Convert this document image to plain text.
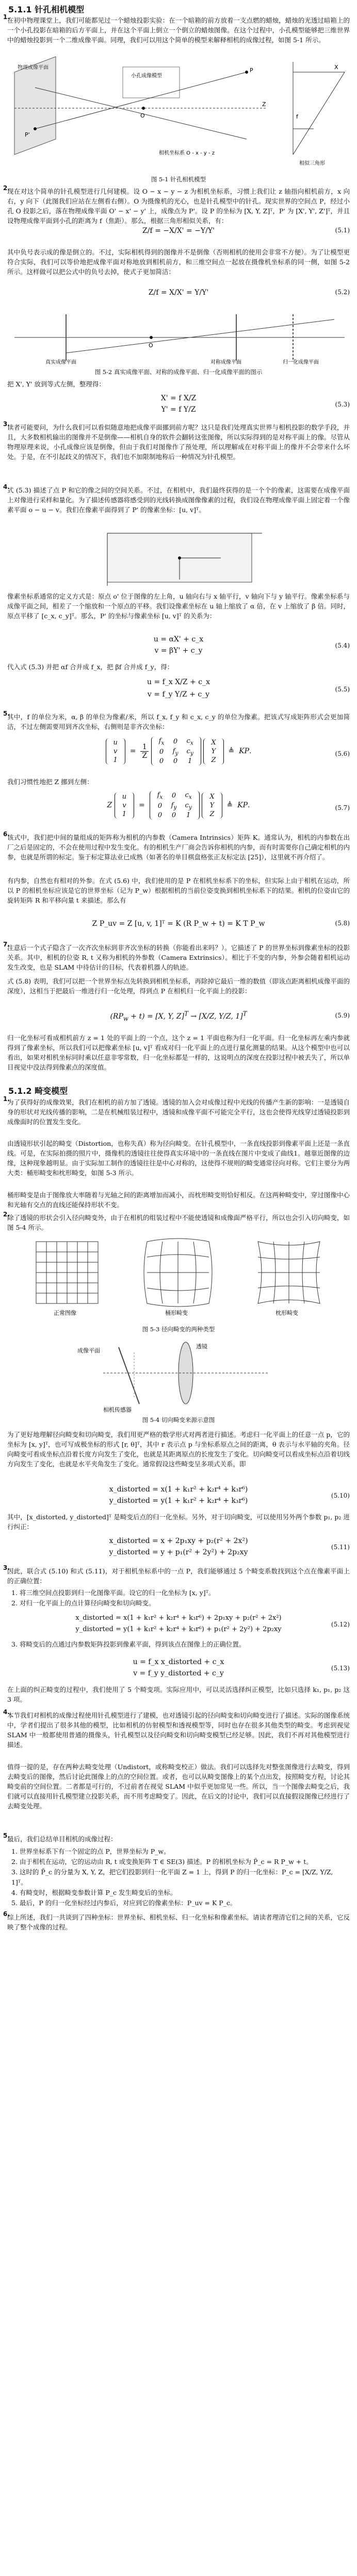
5.1.1 针孔相机模型

1.
在初中物理课堂上，我们可能都见过一个蜡烛投影实验：在一个暗箱的前方放着一支点燃的蜡烛，蜡烛的光透过暗箱上的一个小孔投影在暗箱的后方平面上，并在这个平面上倒立一个倒立的蜡烛图像。在这个过程中，小孔模型能够把三维世界中的蜡烛投影到一个二维成像平面。同理，我们可以用这个简单的模型来解释相机的成像过程，如图 5-1 所示。
物理成像平面
小孔成像模型
O
P
P'
Z
相机坐标系 O - x - y - z
X
f
相似三角形
图 5-1 针孔相机模型
2.
现在对这个简单的针孔模型进行几何建模。设 O − x − y − z 为相机坐标系，习惯上我们让 z 轴指向相机前方，x 向右，y 向下（此图我们应站在左侧看右侧）。O 为摄像机的光心，也是针孔模型中的针孔。现实世界的空间点 P，经过小孔 O 投影之后，落在物理成像平面 O' − x' − y' 上，成像点为 P'。设 P 的坐标为 [X, Y, Z]ᵀ，P' 为 [X', Y', Z']ᵀ，并且设物理成像平面到小孔的距离为 f（焦距）。那么，根据三角形相似关系，有：
Z/f = −X/X' = −Y/Y'	(5.1)
其中负号表示成的像是倒立的。不过，实际相机得到的图像并不是倒像（否则相机的使用会非常不方便）。为了让模型更符合实际，我们可以等价地把成像平面对称地放到相机前方，和三维空间点一起放在摄像机坐标系的同一侧，如图 5-2 所示。这样做可以把公式中的负号去掉，使式子更加简洁：
Z/f = X/X' = Y/Y'	(5.2)
O
真实成像平面	对称成像平面	归一化成像平面
图 5-2 真实成像平面、对称的成像平面、归一化成像平面的图示
把 X', Y' 放到等式左侧，整理得：
X' = f X/Z
Y' = f Y/Z
(5.3)
3.
读者可能要问，为什么我们可以看似随意地把成像平面挪到前方呢？这只是我们处理真实世界与相机投影的数学手段，并且，大多数相机输出的图像并不是倒像——相机自身的软件会翻转这张图像，所以实际得到的是对称平面上的像。尽管从物理原理来说，小孔成像应该是倒像，但由于我们对图像作了预处理，所以理解成在对称平面上的像并不会带来什么坏处。于是，在不引起歧义的情况下，我们也不加限制地称后一种情况为针孔模型。
4.
式 (5.3) 描述了点 P 和它的像之间的空间关系。不过，在相机中，我们最终获得的是一个个的像素，这需要在成像平面上对像进行采样和量化。为了描述传感器将感受到的光线转换成图像像素的过程，我们设在物理成像平面上固定着一个像素平面 o − u − v。我们在像素平面得到了 P' 的像素坐标：[u, v]ᵀ。
像素坐标系通常的定义方式是：原点 o' 位于图像的左上角，u 轴向右与 x 轴平行，v 轴向下与 y 轴平行。像素坐标系与成像平面之间，相差了一个缩放和一个原点的平移。我们设像素坐标在 u 轴上缩放了 α 倍，在 v 上缩放了 β 倍。同时，原点平移了 [c_x, c_y]ᵀ。那么，P' 的坐标与像素坐标 [u, v]ᵀ 的关系为：
u = αX' + c_x
v = βY' + c_y
(5.4)
代入式 (5.3) 并把 αf 合并成 f_x，把 βf 合并成 f_y，得：
u = f_x X/Z + c_x
v = f_y Y/Z + c_y
(5.5)
5.
其中，f 的单位为米，α, β 的单位为像素/米，所以 f_x, f_y 和 c_x, c_y 的单位为像素。把该式写成矩阵形式会更加简洁，不过左侧需要用到齐次坐标，右侧则是非齐次坐标：
u
v
1
= $\frac{1}{Z}$

$f_x$	0	$c_x$
0	$f_y$	$c_y$
0	0	1

X
Y
Z
≜  KP.	(5.6)
我们习惯性地把 Z 挪到左侧：
Z
u
v
1
=
$f_x$	0	$c_x$
0	$f_y$	$c_y$
0	0	1

X
Y
Z
≜  KP.	(5.7)
6.
该式中，我们把中间的量组成的矩阵称为相机的内参数（Camera Intrinsics）矩阵 K。通常认为，相机的内参数在出厂之后是固定的，不会在使用过程中发生变化。有的相机生产厂商会告诉你相机的内参，而有时需要你自己确定相机的内参，也就是所谓的标定。鉴于标定算法业已成熟（如著名的单目棋盘格张正友标定法 [25]），这里就不再介绍了。
有内参，自然也有相对的外参。在式 (5.6) 中，我们使用的是 P 在相机坐标系下的坐标，但实际上由于相机在运动，所以 P 的相机坐标应该是它的世界坐标（记为 P_w）根据相机的当前位姿变换到相机坐标系下的结果。相机的位姿由它的旋转矩阵 R 和平移向量 t 来描述。那么有
Z P_uv = Z [u, v, 1]ᵀ = K (R P_w + t) = K T P_w	(5.8)
7.
注意后一个式子隐含了一次齐次坐标到非齐次坐标的转换（你能看出来吗？）。它描述了 P 的世界坐标到像素坐标的投影关系。其中，相机的位姿 R, t 又称为相机的外参数（Camera Extrinsics）。相比于不变的内参，外参会随着相机运动发生改变，也是 SLAM 中待估计的目标，代表着机器人的轨迹。
式 (5.8) 表明，我们可以把一个世界坐标点先转换到相机坐标系，再除掉它最后一维的数值（即该点距离相机成像平面的深度），这相当于把最后一维进行归一化处理，得到点 P 在相机归一化平面上的投影：
$(RP_w + t) = [X$, Y, Z]$^T$ → [X/Z, Y/Z, 1]$^T$	(5.9)
归一化坐标可看成相机前方 z = 1 处的平面上的一个点，这个 z = 1 平面也称为归一化平面。归一化坐标再左乘内参就得到了像素坐标，所以我们可以把像素坐标 [u, v]ᵀ 看成对归一化平面上的点进行量化测量的结果。从这个模型中也可以看出，如果对相机坐标同时乘以任意非零常数，归一化坐标都是一样的，这说明点的深度在投影过程中被丢失了，所以单目视觉中没法得到像素点的深度值。

5.1.2 畸变模型

1.
为了获得好的成像效果，我们在相机的前方加了透镜。透镜的加入会对成像过程中光线的传播产生新的影响：一是透镜自身的形状对光线传播的影响，二是在机械组装过程中，透镜和成像平面不可能完全平行，这也会使得光线穿过透镜投影到成像面时的位置发生变化。
由透镜形状引起的畸变（Distortion，也称失真）称为径向畸变。在针孔模型中，一条直线投影到像素平面上还是一条直线。可是，在实际拍摄的照片中，摄像机的透镜往往使得真实环境中的一条直线在图片中变成了曲线1。越靠近图像的边缘，这种现象越明显。由于实际加工制作的透镜往往是中心对称的，这使得不规则的畸变通常径向对称。它们主要分为两大类：桶形畸变和枕形畸变，如图 5-3 所示。
桶形畸变是由于图像放大率随着与光轴之间的距离增加而减小，而枕形畸变则恰好相反。在这两种畸变中，穿过图像中心和光轴有交点的直线还能保持形状不变。
2.
除了透镜的形状会引入径向畸变外，由于在相机的组装过程中不能使透镜和成像面严格平行，所以也会引入切向畸变，如图 5-4 所示。
正常图像	桶形畸变	枕形畸变
图 5-3 径向畸变的两种类型
透镜
成像平面
相机传感器
图 5-4 切向畸变来源示意图
为了更好地理解径向畸变和切向畸变，我们用更严格的数学形式对两者进行描述。考虑归一化平面上的任意一点 p，它的坐标为 [x, y]ᵀ，也可写成极坐标的形式 [r, θ]ᵀ，其中 r 表示点 p 与坐标系原点之间的距离，θ 表示与水平轴的夹角。径向畸变可看成坐标点沿着长度方向发生了变化，也就是其距离原点的长度发生了变化。切向畸变可以看成坐标点沿着切线方向发生了变化，也就是水平夹角发生了变化。通常假设这些畸变呈多项式关系，即
x_distorted = x(1 + k₁r² + k₂r⁴ + k₃r⁶)
y_distorted = y(1 + k₁r² + k₂r⁴ + k₃r⁶)
(5.10)
其中，[x_distorted, y_distorted]ᵀ 是畸变后点的归一化坐标。另外，对于切向畸变，可以使用另外两个参数 p₁, p₂ 进行纠正：
x_distorted = x + 2p₁xy + p₂(r² + 2x²)
y_distorted = y + p₁(r² + 2y²) + 2p₂xy
(5.11)
3.
因此，联合式 (5.10) 和式 (5.11)，对于相机坐标系中的一点 P，我们能够通过 5 个畸变系数找到这个点在像素平面上的正确位置：
1. 将三维空间点投影到归一化图像平面。设它的归一化坐标为 [x, y]ᵀ。
2. 对归一化平面上的点计算径向畸变和切向畸变。
x_distorted = x(1 + k₁r² + k₂r⁴ + k₃r⁶) + 2p₁xy + p₂(r² + 2x²)
y_distorted = y(1 + k₁r² + k₂r⁴ + k₃r⁶) + p₁(r² + 2y²) + 2p₂xy
(5.12)
3. 将畸变后的点通过内参数矩阵投影到像素平面，得到该点在图像上的正确位置。
u = f_x x_distorted + c_x
v = f_y y_distorted + c_y
(5.13)
在上面的纠正畸变的过程中，我们使用了 5 个畸变项。实际应用中，可以灵活选择纠正模型，比如只选择 k₁, p₁, p₂ 这 3 项。
4.
本节我们对相机的成像过程使用针孔模型进行了建模，也对透镜引起的径向畸变和切向畸变进行了描述。实际的图像系统中，学者们提出了很多其他的模型，比如相机的仿射模型和透视模型等，同时也存在很多其他类型的畸变。考虑到视觉 SLAM 中一般都使用普通的摄像头，针孔模型以及径向畸变和切向畸变模型已经足够。因此，我们不再对其他模型进行描述。
值得一提的是，存在两种去畸变处理（Undistort，或称畸变校正）做法。我们可以选择先对整张图像进行去畸变，得到去畸变后的图像，然后讨论此图像上的点的空间位置。或者，也可以从畸变图像上的某个点出发，按照畸变方程，讨论其畸变前的空间位置。二者都是可行的，不过前者在视觉 SLAM 中似乎更加常见一些。所以，当一个图像去畸变之后，我们就可以直接用针孔模型建立投影关系，而不用考虑畸变了。因此，在后文的讨论中，我们可以直接假设图像已经进行了去畸变处理。
5.
最后，我们总结单目相机的成像过程：
1. 世界坐标系下有一个固定的点 P，世界坐标为 P_w。
2. 由于相机在运动，它的运动由 R, t 或变换矩阵 T ∈ SE(3) 描述。P 的相机坐标为 P̃_c = R P_w + t。
3. 这时的 P̃_c 的分量为 X, Y, Z，把它们投影到归一化平面 Z = 1 上，得到 P 的归一化坐标：P_c = [X/Z, Y/Z, 1]ᵀ。
4. 有畸变时，根据畸变参数计算 P_c 发生畸变后的坐标。
5. 最后，P 的归一化坐标经过内参后，对应到它的像素坐标：P_uv = K P_c。
6.
综上所述，我们一共谈到了四种坐标：世界坐标、相机坐标、归一化坐标和像素坐标。请读者理清它们之间的关系，它反映了整个成像的过程。
